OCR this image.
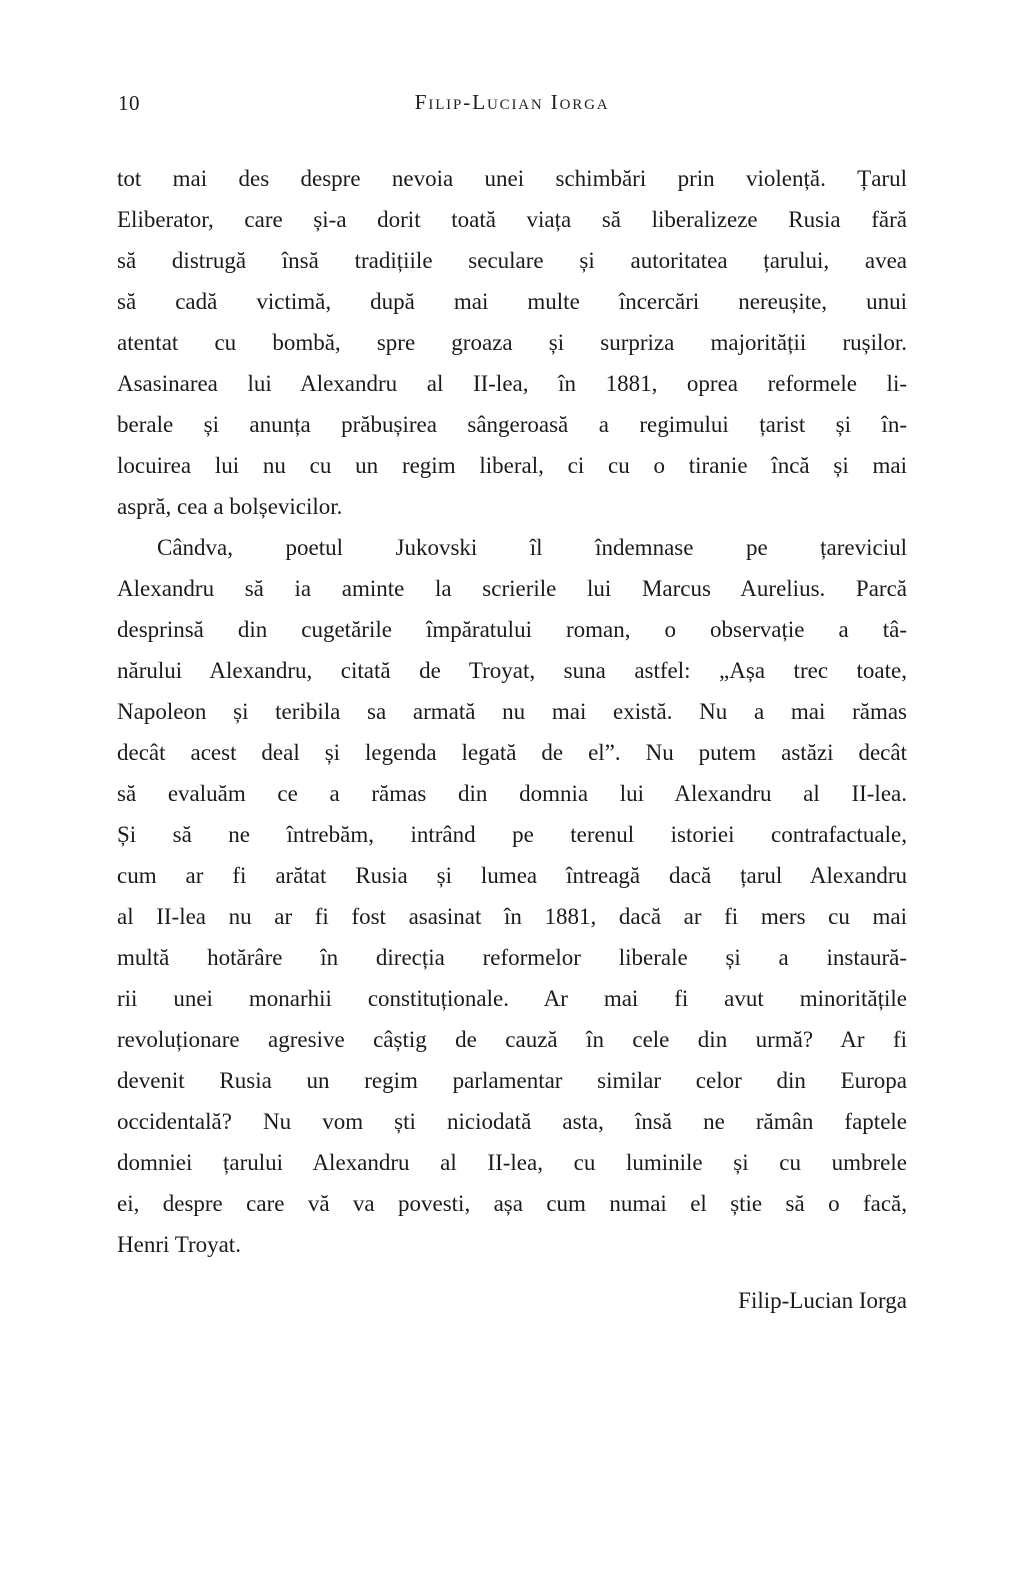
10	Filip-Lucian Iorga
tot mai des despre nevoia unei schimbări prin violență. Țarul
Eliberator, care și-a dorit toată viața să liberalizeze Rusia fără
să distrugă însă tradițiile seculare și autoritatea țarului, avea
să cadă victimă, după mai multe încercări nereușite, unui
atentat cu bombă, spre groaza și surpriza majorității rușilor.
Asasinarea lui Alexandru al II-lea, în 1881, oprea reformele li-
berale și anunța prăbușirea sângeroasă a regimului țarist și în-
locuirea lui nu cu un regim liberal, ci cu o tiranie încă și mai
aspră, cea a bolșevicilor.
Cândva, poetul Jukovski îl îndemnase pe țareviciul
Alexandru să ia aminte la scrierile lui Marcus Aurelius. Parcă
desprinsă din cugetările împăratului roman, o observație a tâ-
nărului Alexandru, citată de Troyat, suna astfel: „Așa trec toate,
Napoleon și teribila sa armată nu mai există. Nu a mai rămas
decât acest deal și legenda legată de el”. Nu putem astăzi decât
să evaluăm ce a rămas din domnia lui Alexandru al II-lea.
Și să ne întrebăm, intrând pe terenul istoriei contrafactuale,
cum ar fi arătat Rusia și lumea întreagă dacă țarul Alexandru
al II-lea nu ar fi fost asasinat în 1881, dacă ar fi mers cu mai
multă hotărâre în direcția reformelor liberale și a instaură-
rii unei monarhii constituționale. Ar mai fi avut minoritățile
revoluționare agresive câștig de cauză în cele din urmă? Ar fi
devenit Rusia un regim parlamentar similar celor din Europa
occidentală? Nu vom ști niciodată asta, însă ne rămân faptele
domniei țarului Alexandru al II-lea, cu luminile și cu umbrele
ei, despre care vă va povesti, așa cum numai el știe să o facă,
Henri Troyat.
Filip-Lucian Iorga
